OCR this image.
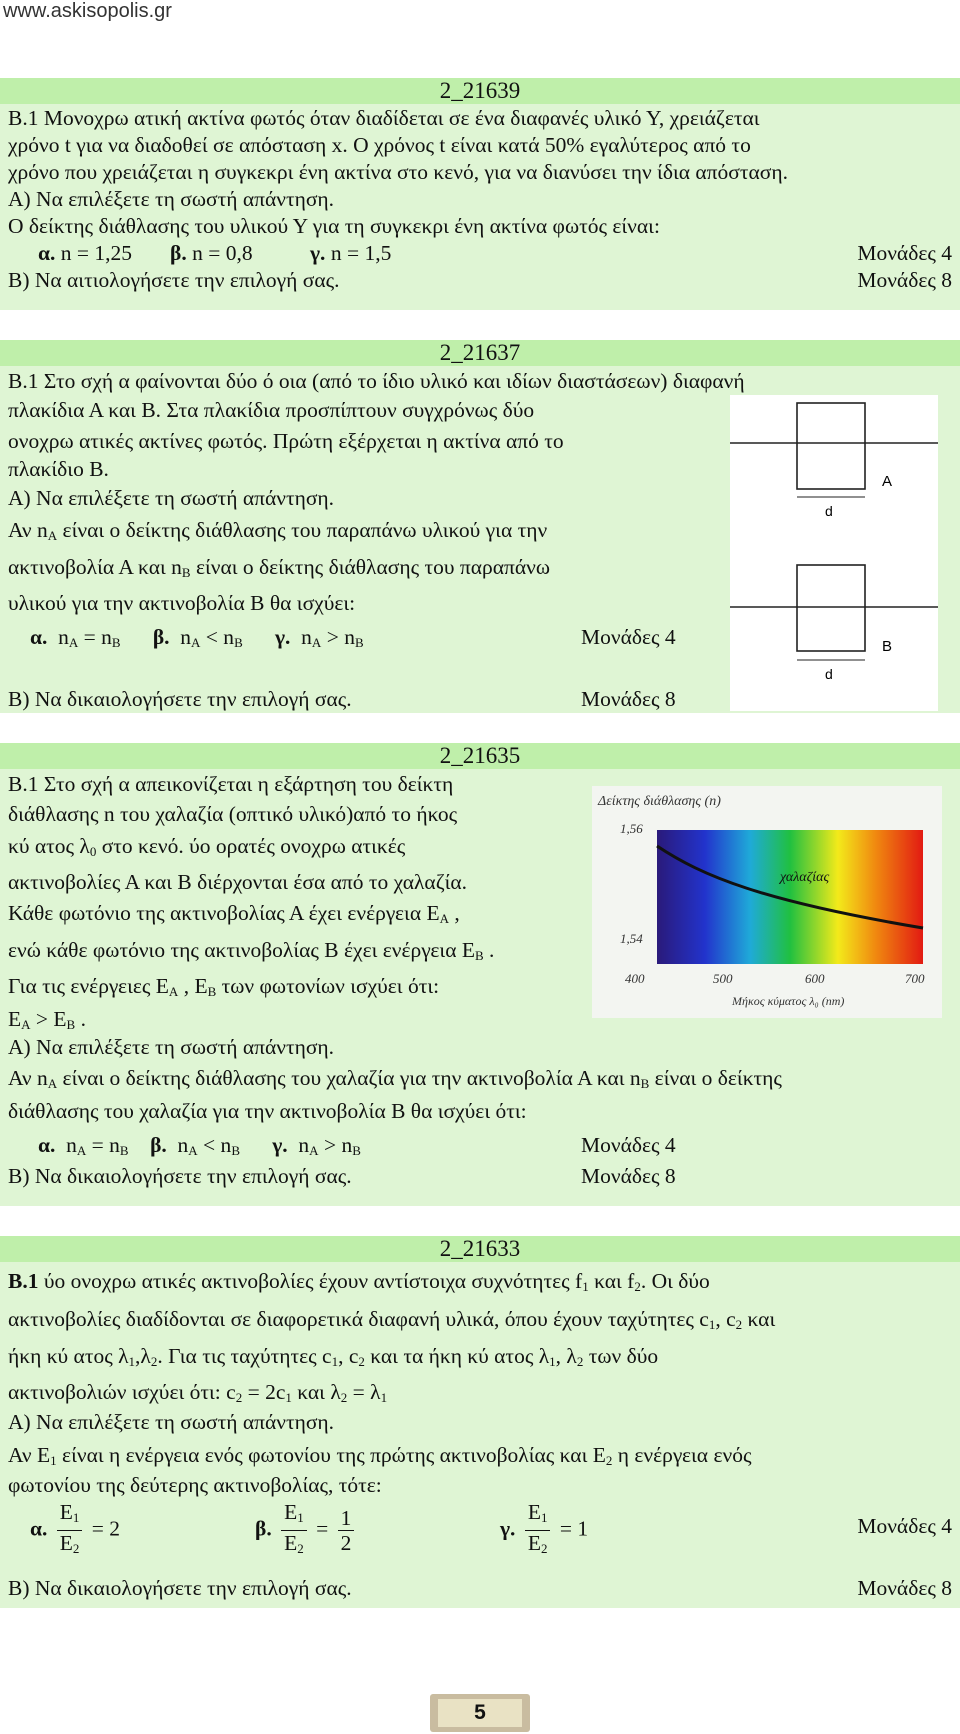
www.askisopolis.gr
2_21639
Β.1 Μονοχρω ατική ακτίνα φωτός όταν διαδίδεται σε ένα διαφανές υλικό Υ, χρειάζεται
χρόνο t για να διαδοθεί σε απόσταση x. Ο χρόνος t είναι κατά 50% εγαλύτερος από το
χρόνο που χρειάζεται η συγκεκρι ένη ακτίνα στο κενό, για να διανύσει την ίδια απόσταση.
Α) Να επιλέξετε τη σωστή απάντηση.
Ο δείκτης διάθλασης του υλικού Υ για τη συγκεκρι ένη ακτίνα φωτός είναι:
α. n = 1,25 β. n = 0,8	γ. n = 1,5	Μονάδες 4
Β) Να αιτιολογήσετε την επιλογή σας.	Μονάδες 8
2_21637
Β.1 Στο σχή α φαίνονται δύο ό οια (από το ίδιο υλικό και ιδίων διαστάσεων) διαφανή
πλακίδια Α και Β. Στα πλακίδια προσπίπτουν συγχρόνως δύο
ονοχρω ατικές ακτίνες φωτός. Πρώτη εξέρχεται η ακτίνα από το
πλακίδιο Β.
Α) Να επιλέξετε τη σωστή απάντηση.
Αν $n_A$ είναι ο δείκτης διάθλασης του παραπάνω υλικού για την
ακτινοβολία Α και $n_B$ είναι ο δείκτης διάθλασης του παραπάνω
υλικού για την ακτινοβολία Β θα ισχύει:
α.  $n_A = n_B$ β.  $n_A < n_B$ γ.  $n_A > n_B$	Μονάδες 4
Β) Να δικαιολογήσετε την επιλογή σας.	Μονάδες 8
A
d
B
d
2_21635
Β.1 Στο σχή α απεικονίζεται η εξάρτηση του δείκτη
διάθλασης n του χαλαζία (οπτικό υλικό)από το ήκος
κύ ατος $\lambda_0$ στο κενό. ύο ορατές ονοχρω ατικές
ακτινοβολίες Α και Β διέρχονται έσα από το χαλαζία.
Κάθε φωτόνιο της ακτινοβολίας Α έχει ενέργεια $E_A$ ,
ενώ κάθε φωτόνιο της ακτινοβολίας Β έχει ενέργεια $E_B$ .
Για τις ενέργειες $E_A$ , $E_B$ των φωτονίων ισχύει ότι:
$E_A > E_B$ .
Α) Να επιλέξετε τη σωστή απάντηση.
Αν $n_A$ είναι ο δείκτης διάθλασης του χαλαζία για την ακτινοβολία Α και $n_B$ είναι ο δείκτης
διάθλασης του χαλαζία για την ακτινοβολία Β θα ισχύει ότι:
α.  $n_A = n_B$ β.  $n_A < n_B$ γ.  $n_A > n_B$	Μονάδες 4
Β) Να δικαιολογήσετε την επιλογή σας.	Μονάδες 8
Δείκτης διάθλασης (n)
1,56
1,54
χαλαζίας
400	500	600	700
Μήκος κύματος λ₀ (nm)
2_21633
Β.1 ύο ονοχρω ατικές ακτινοβολίες έχουν αντίστοιχα συχνότητες $f_1$ και $f_2$. Οι δύο
ακτινοβολίες διαδίδονται σε διαφορετικά διαφανή υλικά, όπου έχουν ταχύτητες $c_1$, $c_2$ και
ήκη κύ ατος $\lambda_1,\lambda_2$. Για τις ταχύτητες $c_1$, $c_2$ και τα ήκη κύ ατος $\lambda_1$, $\lambda_2$ των δύο
ακτινοβολιών ισχύει ότι: $c_2 = 2c_1$ και $\lambda_2 = \lambda_1$
Α) Να επιλέξετε τη σωστή απάντηση.
Αν $E_1$ είναι η ενέργεια ενός φωτονίου της πρώτης ακτινοβολίας και $E_2$ η ενέργεια ενός
φωτονίου της δεύτερης ακτινοβολίας, τότε:
α. $\frac{E_1}{E_2} = 2$	β. $\frac{E_1}{E_2} = \frac{1}{2}$	γ. $\frac{E_1}{E_2} = 1$	Μονάδες 4
Β) Να δικαιολογήσετε την επιλογή σας.	Μονάδες 8
5
